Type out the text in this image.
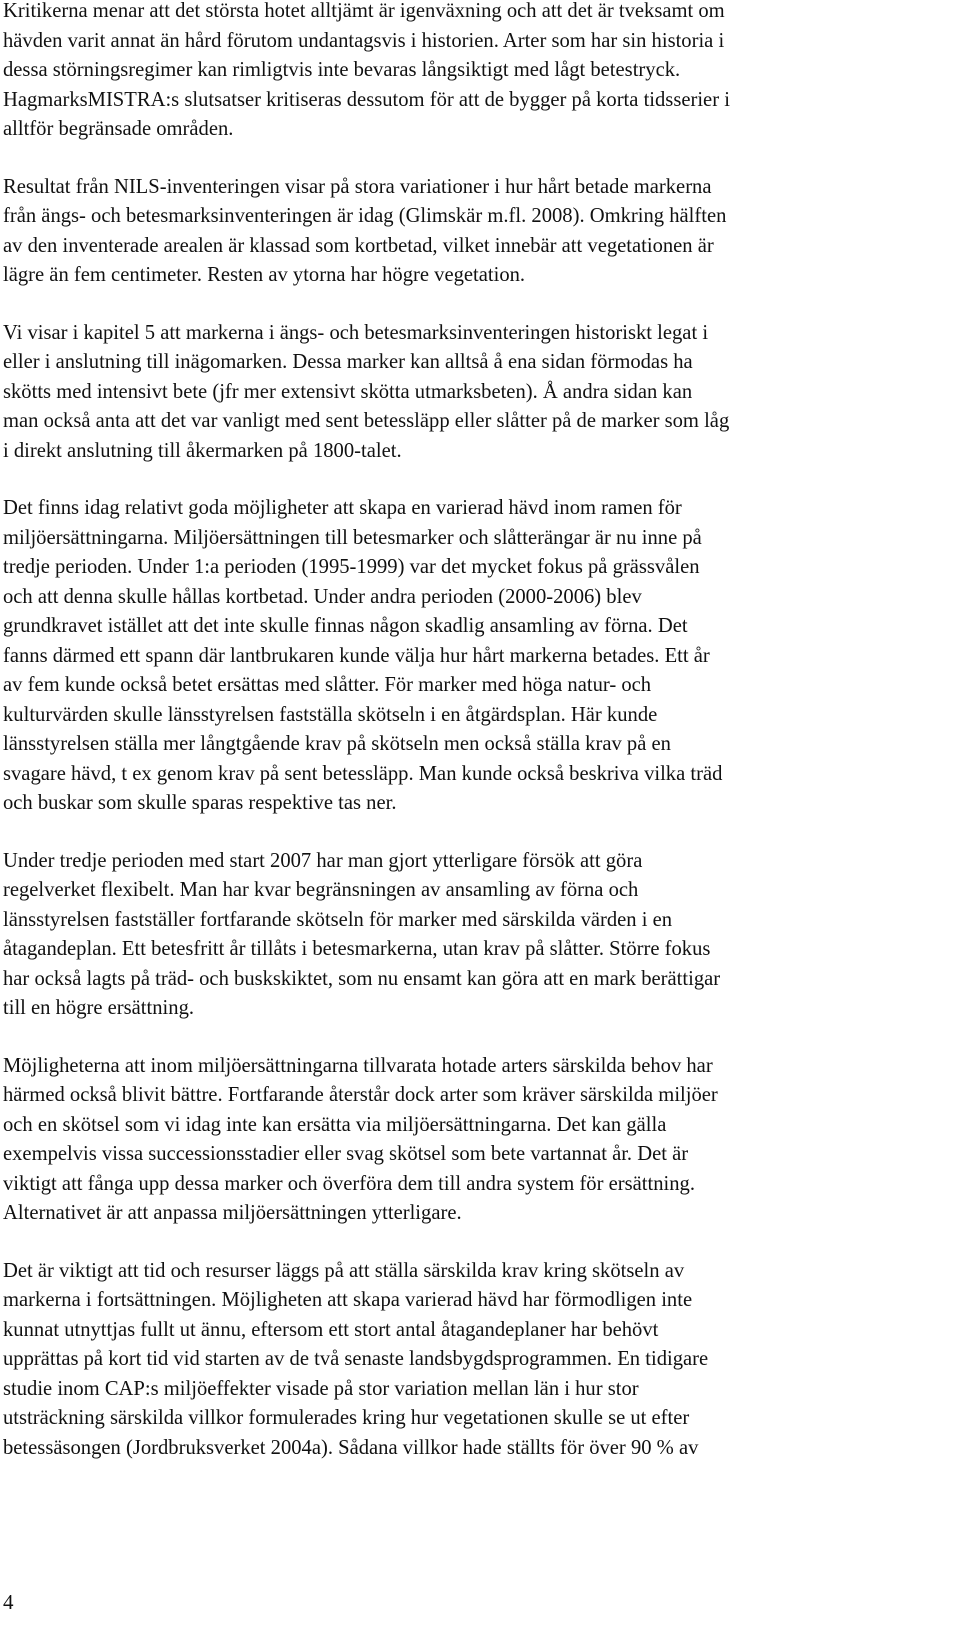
Kritikerna menar att det största hotet alltjämt är igenväxning och att det är tveksamt om
hävden varit annat än hård förutom undantagsvis i historien. Arter som har sin historia i
dessa störningsregimer kan rimligtvis inte bevaras långsiktigt med lågt betestryck.
HagmarksMISTRA:s slutsatser kritiseras dessutom för att de bygger på korta tidsserier i
alltför begränsade områden.

Resultat från NILS-inventeringen visar på stora variationer i hur hårt betade markerna
från ängs- och betesmarksinventeringen är idag (Glimskär m.fl. 2008). Omkring hälften
av den inventerade arealen är klassad som kortbetad, vilket innebär att vegetationen är
lägre än fem centimeter. Resten av ytorna har högre vegetation.

Vi visar i kapitel 5 att markerna i ängs- och betesmarksinventeringen historiskt legat i
eller i anslutning till inägomarken. Dessa marker kan alltså å ena sidan förmodas ha
skötts med intensivt bete (jfr mer extensivt skötta utmarksbeten). Å andra sidan kan
man också anta att det var vanligt med sent betessläpp eller slåtter på de marker som låg
i direkt anslutning till åkermarken på 1800-talet.

Det finns idag relativt goda möjligheter att skapa en varierad hävd inom ramen för
miljöersättningarna. Miljöersättningen till betesmarker och slåtterängar är nu inne på
tredje perioden. Under 1:a perioden (1995-1999) var det mycket fokus på grässvålen
och att denna skulle hållas kortbetad. Under andra perioden (2000-2006) blev
grundkravet istället att det inte skulle finnas någon skadlig ansamling av förna. Det
fanns därmed ett spann där lantbrukaren kunde välja hur hårt markerna betades. Ett år
av fem kunde också betet ersättas med slåtter. För marker med höga natur- och
kulturvärden skulle länsstyrelsen fastställa skötseln i en åtgärdsplan. Här kunde
länsstyrelsen ställa mer långtgående krav på skötseln men också ställa krav på en
svagare hävd, t ex genom krav på sent betessläpp. Man kunde också beskriva vilka träd
och buskar som skulle sparas respektive tas ner.

Under tredje perioden med start 2007 har man gjort ytterligare försök att göra
regelverket flexibelt. Man har kvar begränsningen av ansamling av förna och
länsstyrelsen fastställer fortfarande skötseln för marker med särskilda värden i en
åtagandeplan. Ett betesfritt år tillåts i betesmarkerna, utan krav på slåtter. Större fokus
har också lagts på träd- och buskskiktet, som nu ensamt kan göra att en mark berättigar
till en högre ersättning.

Möjligheterna att inom miljöersättningarna tillvarata hotade arters särskilda behov har
härmed också blivit bättre. Fortfarande återstår dock arter som kräver särskilda miljöer
och en skötsel som vi idag inte kan ersätta via miljöersättningarna. Det kan gälla
exempelvis vissa successionsstadier eller svag skötsel som bete vartannat år. Det är
viktigt att fånga upp dessa marker och överföra dem till andra system för ersättning.
Alternativet är att anpassa miljöersättningen ytterligare.

Det är viktigt att tid och resurser läggs på att ställa särskilda krav kring skötseln av
markerna i fortsättningen. Möjligheten att skapa varierad hävd har förmodligen inte
kunnat utnyttjas fullt ut ännu, eftersom ett stort antal åtagandeplaner har behövt
upprättas på kort tid vid starten av de två senaste landsbygdsprogrammen. En tidigare
studie inom CAP:s miljöeffekter visade på stor variation mellan län i hur stor
utsträckning särskilda villkor formulerades kring hur vegetationen skulle se ut efter
betessäsongen (Jordbruksverket 2004a). Sådana villkor hade ställts för över 90 % av

4
